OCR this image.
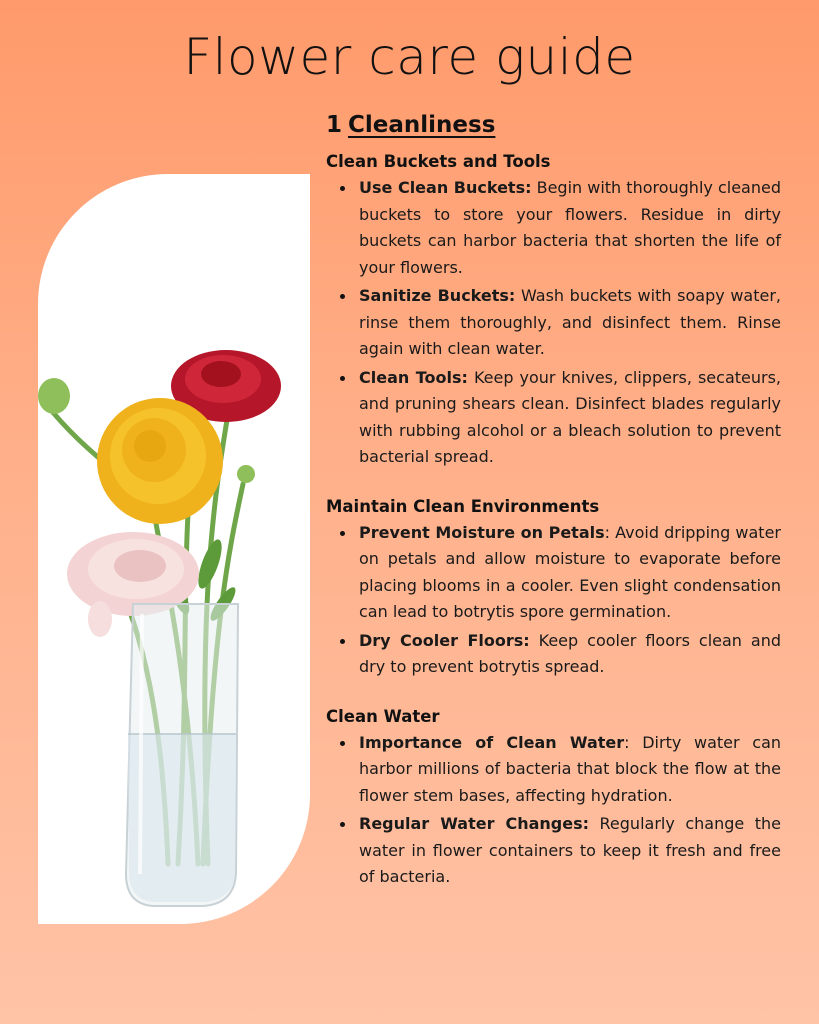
Flower care guide
1 Cleanliness
Clean Buckets and Tools
Use Clean Buckets: Begin with thoroughly cleaned buckets to store your flowers. Residue in dirty buckets can harbor bacteria that shorten the life of your flowers.
Sanitize Buckets: Wash buckets with soapy water, rinse them thoroughly, and disinfect them. Rinse again with clean water.
Clean Tools: Keep your knives, clippers, secateurs, and pruning shears clean. Disinfect blades regularly with rubbing alcohol or a bleach solution to prevent bacterial spread.
Maintain Clean Environments
Prevent Moisture on Petals: Avoid dripping water on petals and allow moisture to evaporate before placing blooms in a cooler. Even slight condensation can lead to botrytis spore germination.
Dry Cooler Floors: Keep cooler floors clean and dry to prevent botrytis spread.
Clean Water
Importance of Clean Water: Dirty water can harbor millions of bacteria that block the flow at the flower stem bases, affecting hydration.
Regular Water Changes: Regularly change the water in flower containers to keep it fresh and free of bacteria.
